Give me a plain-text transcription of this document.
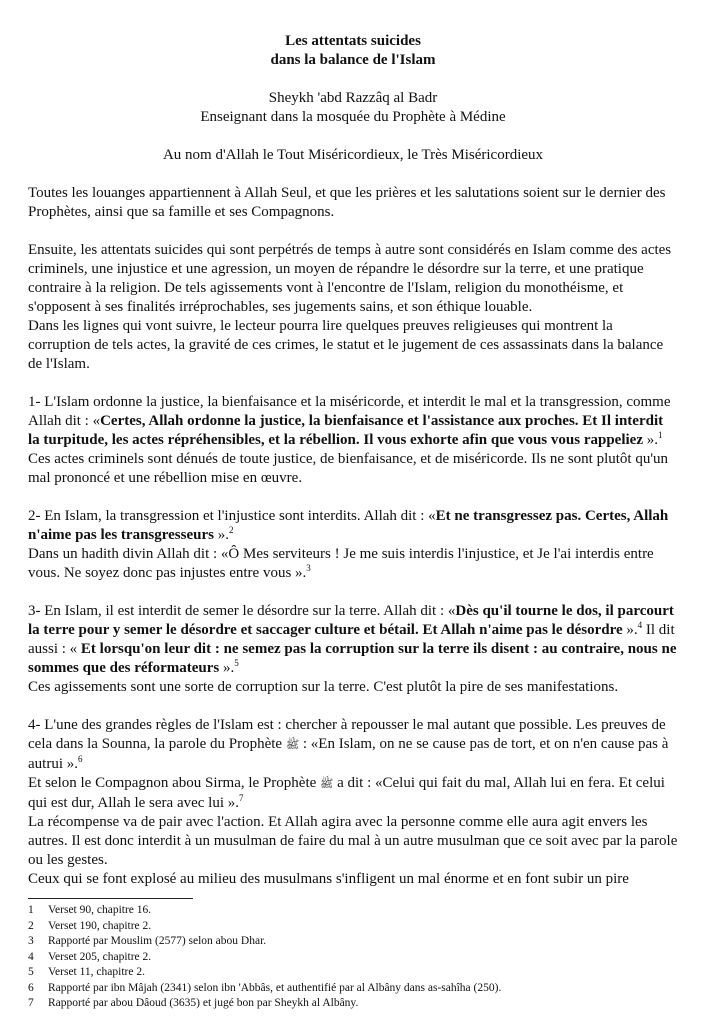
Les attentats suicides
dans la balance de l'Islam
Sheykh 'abd Razzâq al Badr
Enseignant dans la mosquée du Prophète à Médine
Au nom d'Allah le Tout Miséricordieux, le Très Miséricordieux

Toutes les louanges appartiennent à Allah Seul, et que les prières et les salutations soient sur le dernier des Prophètes, ainsi que sa famille et ses Compagnons.

Ensuite, les attentats suicides qui sont perpétrés de temps à autre sont considérés en Islam comme des actes criminels, une injustice et une agression, un moyen de répandre le désordre sur la terre, et une pratique contraire à la religion. De tels agissements vont à l'encontre de l'Islam, religion du monothéisme, et s'opposent à ses finalités irréprochables, ses jugements sains, et son éthique louable.

Dans les lignes qui vont suivre, le lecteur pourra lire quelques preuves religieuses qui montrent la corruption de tels actes, la gravité de ces crimes, le statut et le jugement de ces assassinats dans la balance de l'Islam.

1- L'Islam ordonne la justice, la bienfaisance et la miséricorde, et interdit le mal et la transgression, comme Allah dit : «Certes, Allah ordonne la justice, la bienfaisance et l'assistance aux proches. Et Il interdit la turpitude, les actes répréhensibles, et la rébellion. Il vous exhorte afin que vous vous rappeliez ».$^1$ Ces actes criminels sont dénués de toute justice, de bienfaisance, et de miséricorde. Ils ne sont plutôt qu'un mal prononcé et une rébellion mise en œuvre.

2- En Islam, la transgression et l'injustice sont interdits. Allah dit : «Et ne transgressez pas. Certes, Allah n'aime pas les transgresseurs ».$^2$

Dans un hadith divin Allah dit : «Ô Mes serviteurs ! Je me suis interdis l'injustice, et Je l'ai interdis entre vous. Ne soyez donc pas injustes entre vous ».$^3$

3- En Islam, il est interdit de semer le désordre sur la terre. Allah dit : «Dès qu'il tourne le dos, il parcourt la terre pour y semer le désordre et saccager culture et bétail. Et Allah n'aime pas le désordre ».$^4$ Il dit aussi : « Et lorsqu'on leur dit : ne semez pas la corruption sur la terre ils disent : au contraire, nous ne sommes que des réformateurs ».$^5$

Ces agissements sont une sorte de corruption sur la terre. C'est plutôt la pire de ses manifestations.

4- L'une des grandes règles de l'Islam est : chercher à repousser le mal autant que possible. Les preuves de cela dans la Sounna, la parole du Prophète ﷺ : «En Islam, on ne se cause pas de tort, et on n'en cause pas à autrui ».$^6$

Et selon le Compagnon abou Sirma, le Prophète ﷺ a dit : «Celui qui fait du mal, Allah lui en fera. Et celui qui est dur, Allah le sera avec lui ».$^7$

La récompense va de pair avec l'action. Et Allah agira avec la personne comme elle aura agit envers les autres. Il est donc interdit à un musulman de faire du mal à un autre musulman que ce soit avec par la parole ou les gestes.

Ceux qui se font explosé au milieu des musulmans s'infligent un mal énorme et en font subir un pire

1	Verset 90, chapitre 16.
2	Verset 190, chapitre 2.
3	Rapporté par Mouslim (2577) selon abou Dhar.
4	Verset 205, chapitre 2.
5	Verset 11, chapitre 2.
6	Rapporté par ibn Mâjah (2341) selon ibn 'Abbâs, et authentifié par al Albâny dans as-sahîha (250).
7	Rapporté par abou Dâoud (3635) et jugé bon par Sheykh al Albâny.
